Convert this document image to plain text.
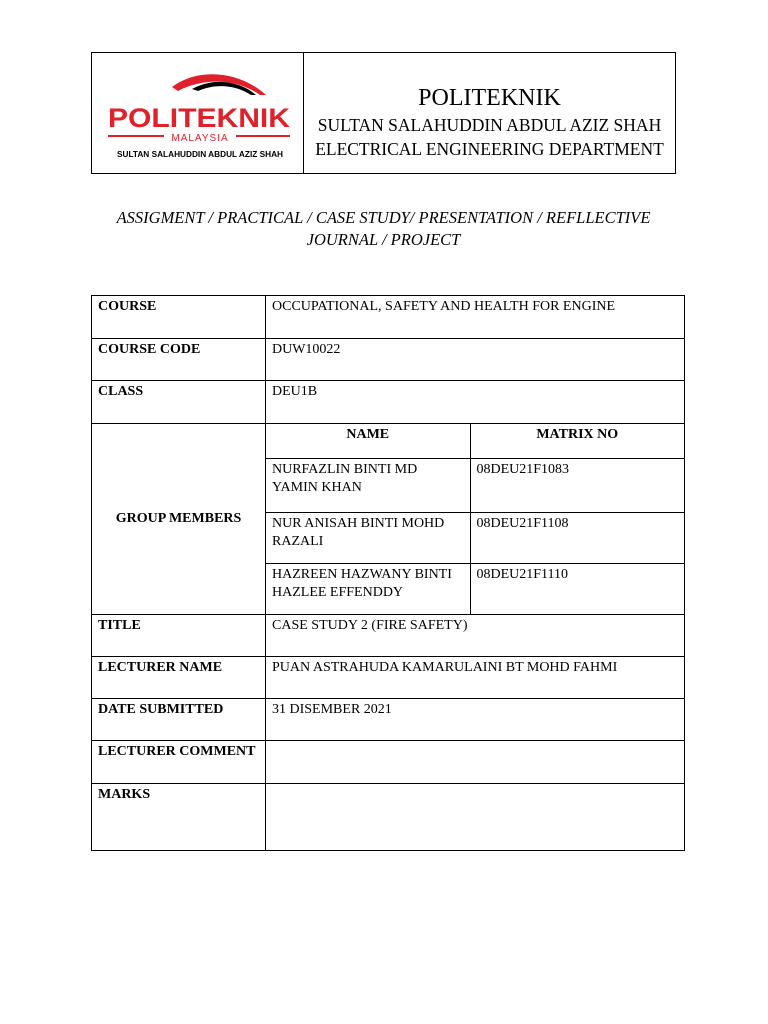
POLITEKNIK
MALAYSIA
SULTAN SALAHUDDIN ABDUL AZIZ SHAH
POLITEKNIK
SULTAN SALAHUDDIN ABDUL AZIZ SHAH
ELECTRICAL ENGINEERING DEPARTMENT
ASSIGMENT / PRACTICAL / CASE STUDY/ PRESENTATION / REFLLECTIVE
JOURNAL / PROJECT
COURSE	OCCUPATIONAL, SAFETY AND HEALTH FOR ENGINE
COURSE CODE	DUW10022
CLASS	DEU1B
GROUP MEMBERS	
NAME	MATRIX NO
NURFAZLIN BINTI MD YAMIN KHAN	08DEU21F1083
NUR ANISAH BINTI MOHD RAZALI	08DEU21F1108
HAZREEN HAZWANY BINTI HAZLEE EFFENDDY	08DEU21F1110

TITLE	CASE STUDY 2 (FIRE SAFETY)
LECTURER NAME	PUAN ASTRAHUDA KAMARULAINI BT MOHD FAHMI
DATE SUBMITTED	31 DISEMBER 2021
LECTURER COMMENT	
MARKS	
